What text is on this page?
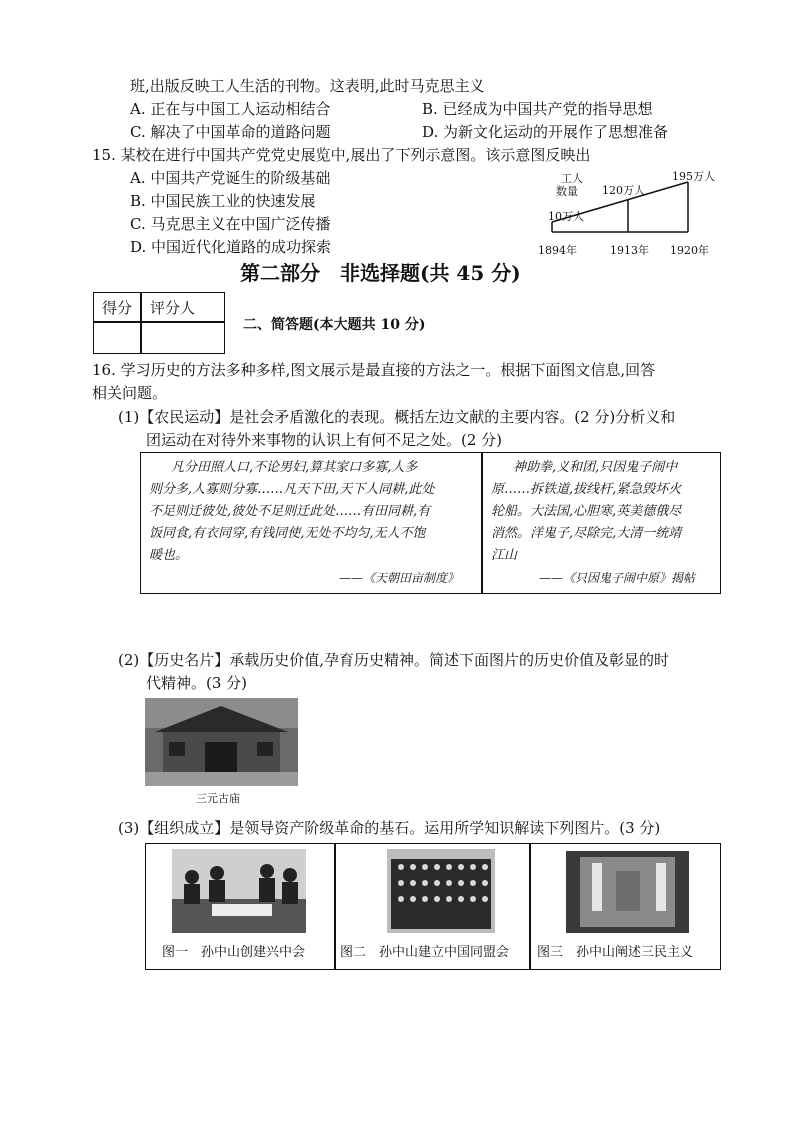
班,出版反映工人生活的刊物。这表明,此时马克思主义
A. 正在与中国工人运动相结合	B. 已经成为中国共产党的指导思想
C. 解决了中国革命的道路问题	D. 为新文化运动的开展作了思想准备
15. 某校在进行中国共产党党史展览中,展出了下列示意图。该示意图反映出
A. 中国共产党诞生的阶级基础
B. 中国民族工业的快速发展
C. 马克思主义在中国广泛传播
D. 中国近代化道路的成功探索
工人
数量
10万人
120万人
195万人
1894年	1913年 1920年
第二部分　非选择题(共 45 分)
得分 评分人
二、简答题(本大题共 10 分)
16. 学习历史的方法多种多样,图文展示是最直接的方法之一。根据下面图文信息,回答
相关问题。
(1)【农民运动】是社会矛盾激化的表现。概括左边文献的主要内容。(2 分)分析义和
团运动在对待外来事物的认识上有何不足之处。(2 分)
凡分田照人口,不论男妇,算其家口多寡,人多
则分多,人寡则分寡……凡天下田,天下人同耕,此处
不足则迁彼处,彼处不足则迁此处……有田同耕,有
饭同食,有衣同穿,有钱同使,无处不均匀,无人不饱
暖也。
——《天朝田亩制度》
神助拳,义和团,只因鬼子闹中
原……拆铁道,拔线杆,紧急毁坏火
轮船。大法国,心胆寒,英美德俄尽
消然。洋鬼子,尽除完,大清一统靖
江山
——《只因鬼子闹中原》揭帖
(2)【历史名片】承载历史价值,孕育历史精神。简述下面图片的历史价值及彰显的时
代精神。(3 分)
三元古庙
(3)【组织成立】是领导资产阶级革命的基石。运用所学知识解读下列图片。(3 分)
图一　孙中山创建兴中会	图二　孙中山建立中国同盟会 图三　孙中山阐述三民主义
